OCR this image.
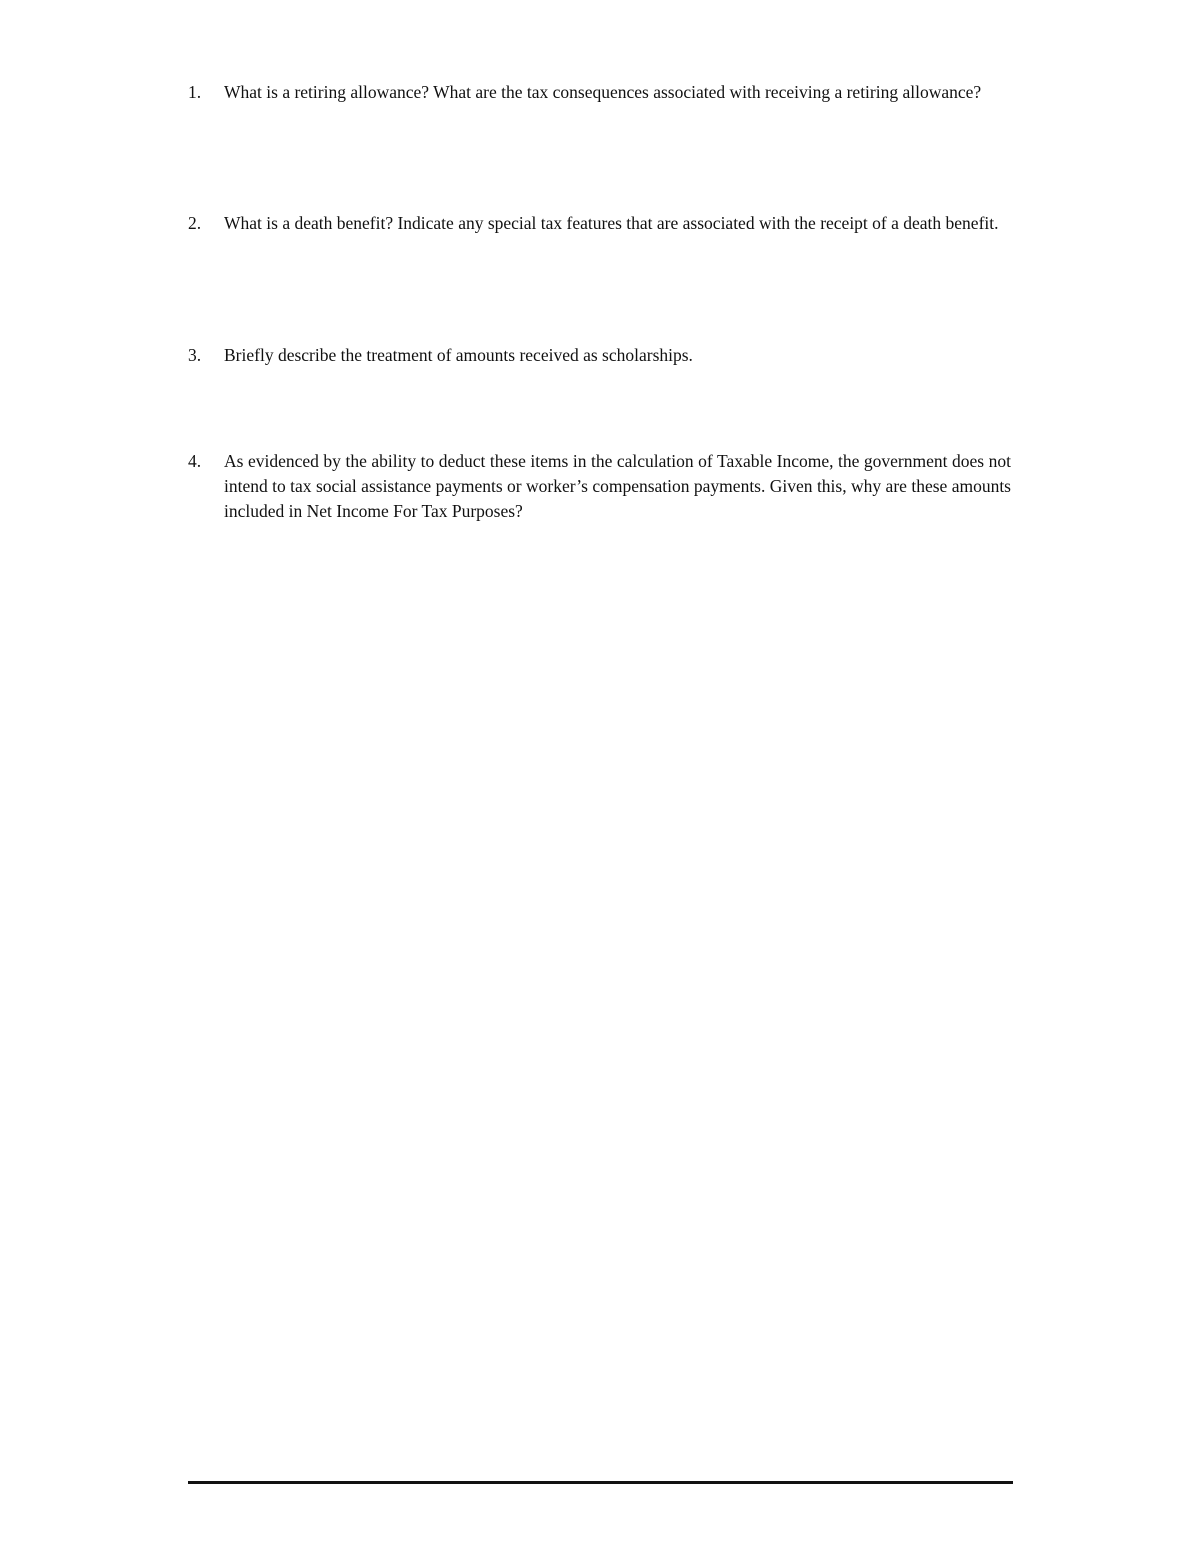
1.	What is a retiring allowance? What are the tax consequences associated with receiving a retiring allowance?
2.	What is a death benefit? Indicate any special tax features that are associated with the receipt of a death benefit.
3.	Briefly describe the treatment of amounts received as scholarships.
4.	As evidenced by the ability to deduct these items in the calculation of Taxable Income, the government does not intend to tax social assistance payments or worker’s compensation payments. Given this, why are these amounts included in Net Income For Tax Purposes?
